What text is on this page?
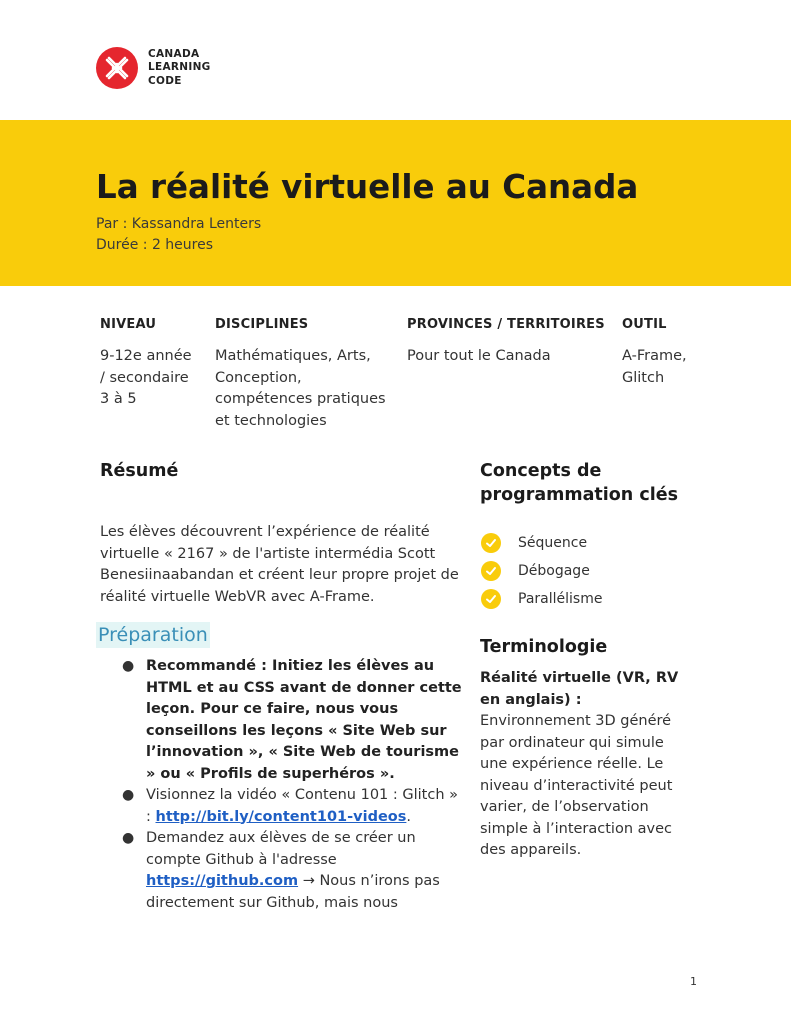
CANADA
LEARNING
CODE
La réalité virtuelle au Canada
Par : Kassandra Lenters
Durée : 2 heures
NIVEAU
9-12e année / secondaire 3 à 5
DISCIPLINES
Mathématiques, Arts, Conception, compétences pratiques et technologies
PROVINCES / TERRITOIRES
Pour tout le Canada
OUTIL
A-Frame, Glitch
Résumé

Les élèves découvrent l’expérience de réalité virtuelle « 2167 » de l'artiste intermédia Scott Benesiinaabandan et créent leur propre projet de réalité virtuelle WebVR avec A-Frame.

Préparation
● Recommandé : Initiez les élèves au HTML et au CSS avant de donner cette leçon. Pour ce faire, nous vous conseillons les leçons « Site Web sur l’innovation », « Site Web de tourisme » ou « Profils de superhéros ».
● Visionnez la vidéo « Contenu 101 : Glitch » : http://bit.ly/content101-videos.
● Demandez aux élèves de se créer un compte Github à l'adresse https://github.com → Nous n’irons pas directement sur Github, mais nous
Concepts de programmation clés
Séquence
Débogage
Parallélisme
Terminologie

Réalité virtuelle (VR, RV en anglais) : Environnement 3D généré par ordinateur qui simule une expérience réelle. Le niveau d’interactivité peut varier, de l’observation simple à l’interaction avec des appareils.

1
